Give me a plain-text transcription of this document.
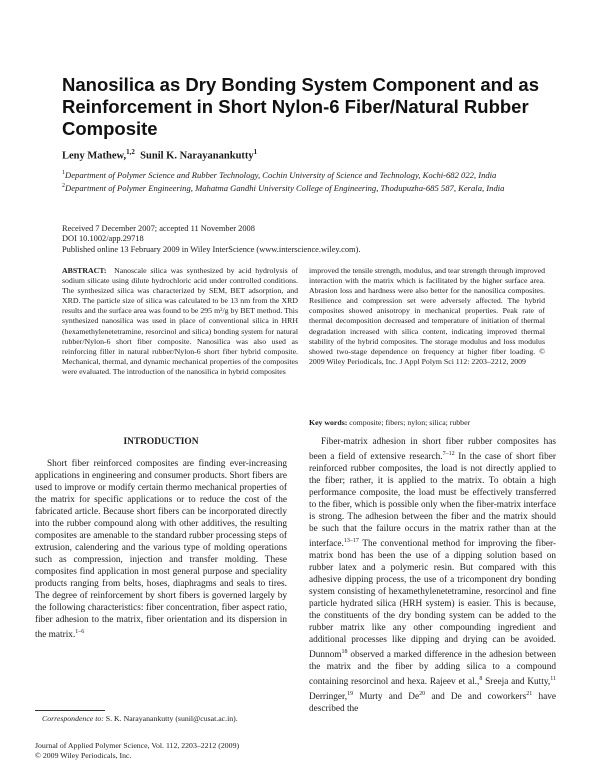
Nanosilica as Dry Bonding System Component and as Reinforcement in Short Nylon-6 Fiber/Natural Rubber Composite
Leny Mathew,$^{1,2}$ Sunil K. Narayanankutty$^1$
$^1$Department of Polymer Science and Rubber Technology, Cochin University of Science and Technology, Kochi-682 022, India
$^2$Department of Polymer Engineering, Mahatma Gandhi University College of Engineering, Thodupuzha-685 587, Kerala, India
Received 7 December 2007; accepted 11 November 2008
DOI 10.1002/app.29718
Published online 13 February 2009 in Wiley InterScience (www.interscience.wiley.com).
ABSTRACT: Nanoscale silica was synthesized by acid hydrolysis of sodium silicate using dilute hydrochloric acid under controlled conditions. The synthesized silica was characterized by SEM, BET adsorption, and XRD. The particle size of silica was calculated to be 13 nm from the XRD results and the surface area was found to be 295 m²/g by BET method. This synthesized nanosilica was used in place of conventional silica in HRH (hexamethylenetetramine, resorcinol and silica) bonding system for natural rubber/Nylon-6 short fiber composite. Nanosilica was also used as reinforcing filler in natural rubber/Nylon-6 short fiber hybrid composite. Mechanical, thermal, and dynamic mechanical properties of the composites were evaluated. The introduction of the nanosilica in hybrid composites
improved the tensile strength, modulus, and tear strength through improved interaction with the matrix which is facilitated by the higher surface area. Abrasion loss and hardness were also better for the nanosilica composites. Resilience and compression set were adversely affected. The hybrid composites showed anisotropy in mechanical properties. Peak rate of thermal decomposition decreased and temperature of initiation of thermal degradation increased with silica content, indicating improved thermal stability of the hybrid composites. The storage modulus and loss modulus showed two-stage dependence on frequency at higher fiber loading. © 2009 Wiley Periodicals, Inc. J Appl Polym Sci 112: 2203–2212, 2009
Key words: composite; fibers; nylon; silica; rubber
INTRODUCTION

Short fiber reinforced composites are finding ever-increasing applications in engineering and consumer products. Short fibers are used to improve or modify certain thermo mechanical properties of the matrix for specific applications or to reduce the cost of the fabricated article. Because short fibers can be incorporated directly into the rubber compound along with other additives, the resulting composites are amenable to the standard rubber processing steps of extrusion, calendering and the various type of molding operations such as compression, injection and transfer molding. These composites find application in most general purpose and speciality products ranging from belts, hoses, diaphragms and seals to tires. The degree of reinforcement by short fibers is governed largely by the following characteristics: fiber concentration, fiber aspect ratio, fiber adhesion to the matrix, fiber orientation and its dispersion in the matrix.$^{1-6}$

Fiber-matrix adhesion in short fiber rubber composites has been a field of extensive research.$^{7-12}$ In the case of short fiber reinforced rubber composites, the load is not directly applied to the fiber; rather, it is applied to the matrix. To obtain a high performance composite, the load must be effectively transferred to the fiber, which is possible only when the fiber-matrix interface is strong. The adhesion between the fiber and the matrix should be such that the failure occurs in the matrix rather than at the interface.$^{13-17}$ The conventional method for improving the fiber-matrix bond has been the use of a dipping solution based on rubber latex and a polymeric resin. But compared with this adhesive dipping process, the use of a tricomponent dry bonding system consisting of hexamethylenetetramine, resorcinol and fine particle hydrated silica (HRH system) is easier. This is because, the constituents of the dry bonding system can be added to the rubber matrix like any other compounding ingredient and additional processes like dipping and drying can be avoided. Dunnom$^{18}$ observed a marked difference in the adhesion between the matrix and the fiber by adding silica to a compound containing resorcinol and hexa. Rajeev et al.,$^8$ Sreeja and Kutty,$^{11}$ Derringer,$^{19}$ Murty and De$^{20}$ and De and coworkers$^{21}$ have described the

Correspondence to: S. K. Narayanankutty (sunil@cusat.ac.in).
Journal of Applied Polymer Science, Vol. 112, 2203–2212 (2009)
© 2009 Wiley Periodicals, Inc.
